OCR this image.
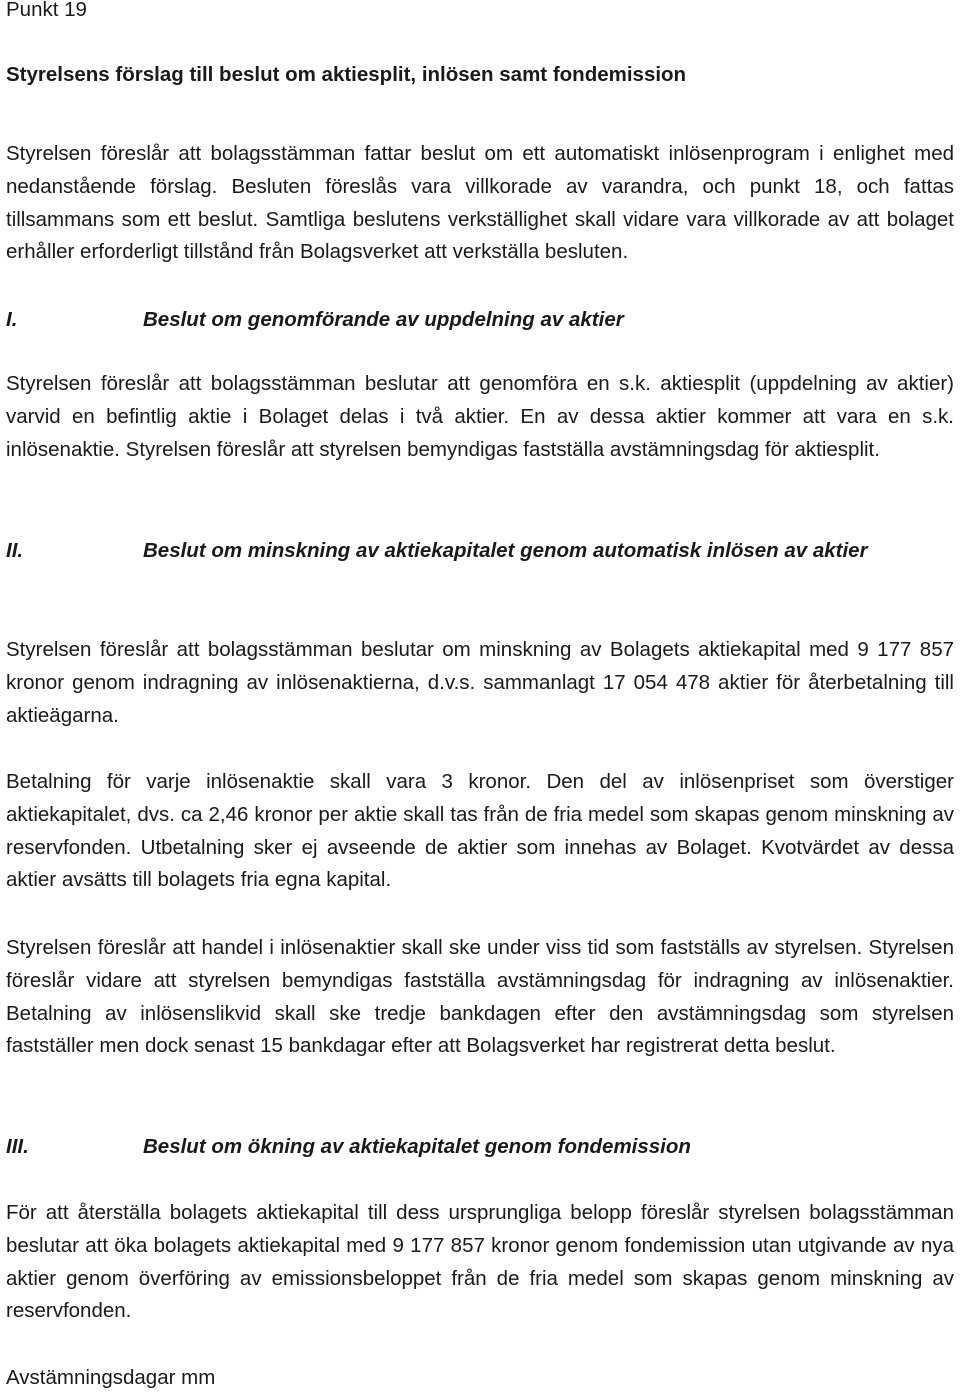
Punkt 19
Styrelsens förslag till beslut om aktiesplit, inlösen samt fondemission

Styrelsen föreslår att bolagsstämman fattar beslut om ett automatiskt inlösenprogram i enlighet med nedanstående förslag. Besluten föreslås vara villkorade av varandra, och punkt 18, och fattas tillsammans som ett beslut. Samtliga beslutens verkställighet skall vidare vara villkorade av att bolaget erhåller erforderligt tillstånd från Bolagsverket att verkställa besluten.

I.	Beslut om genomförande av uppdelning av aktier

Styrelsen föreslår att bolagsstämman beslutar att genomföra en s.k. aktiesplit (uppdelning av aktier) varvid en befintlig aktie i Bolaget delas i två aktier. En av dessa aktier kommer att vara en s.k. inlösenaktie. Styrelsen föreslår att styrelsen bemyndigas fastställa avstämningsdag för aktiesplit.

II.	Beslut om minskning av aktiekapitalet genom automatisk inlösen av aktier

Styrelsen föreslår att bolagsstämman beslutar om minskning av Bolagets aktiekapital med 9 177 857 kronor genom indragning av inlösenaktierna, d.v.s. sammanlagt 17 054 478 aktier för återbetalning till aktieägarna.

Betalning för varje inlösenaktie skall vara 3 kronor. Den del av inlösenpriset som överstiger aktiekapitalet, dvs. ca 2,46 kronor per aktie skall tas från de fria medel som skapas genom minskning av reservfonden. Utbetalning sker ej avseende de aktier som innehas av Bolaget. Kvotvärdet av dessa aktier avsätts till bolagets fria egna kapital.

Styrelsen föreslår att handel i inlösenaktier skall ske under viss tid som fastställs av styrelsen. Styrelsen föreslår vidare att styrelsen bemyndigas fastställa avstämningsdag för indragning av inlösenaktier. Betalning av inlösenslikvid skall ske tredje bankdagen efter den avstämningsdag som styrelsen fastställer men dock senast 15 bankdagar efter att Bolagsverket har registrerat detta beslut.

III.	Beslut om ökning av aktiekapitalet genom fondemission

För att återställa bolagets aktiekapital till dess ursprungliga belopp föreslår styrelsen bolagsstämman beslutar att öka bolagets aktiekapital med 9 177 857 kronor genom fondemission utan utgivande av nya aktier genom överföring av emissionsbeloppet från de fria medel som skapas genom minskning av reservfonden.

Avstämningsdagar mm
